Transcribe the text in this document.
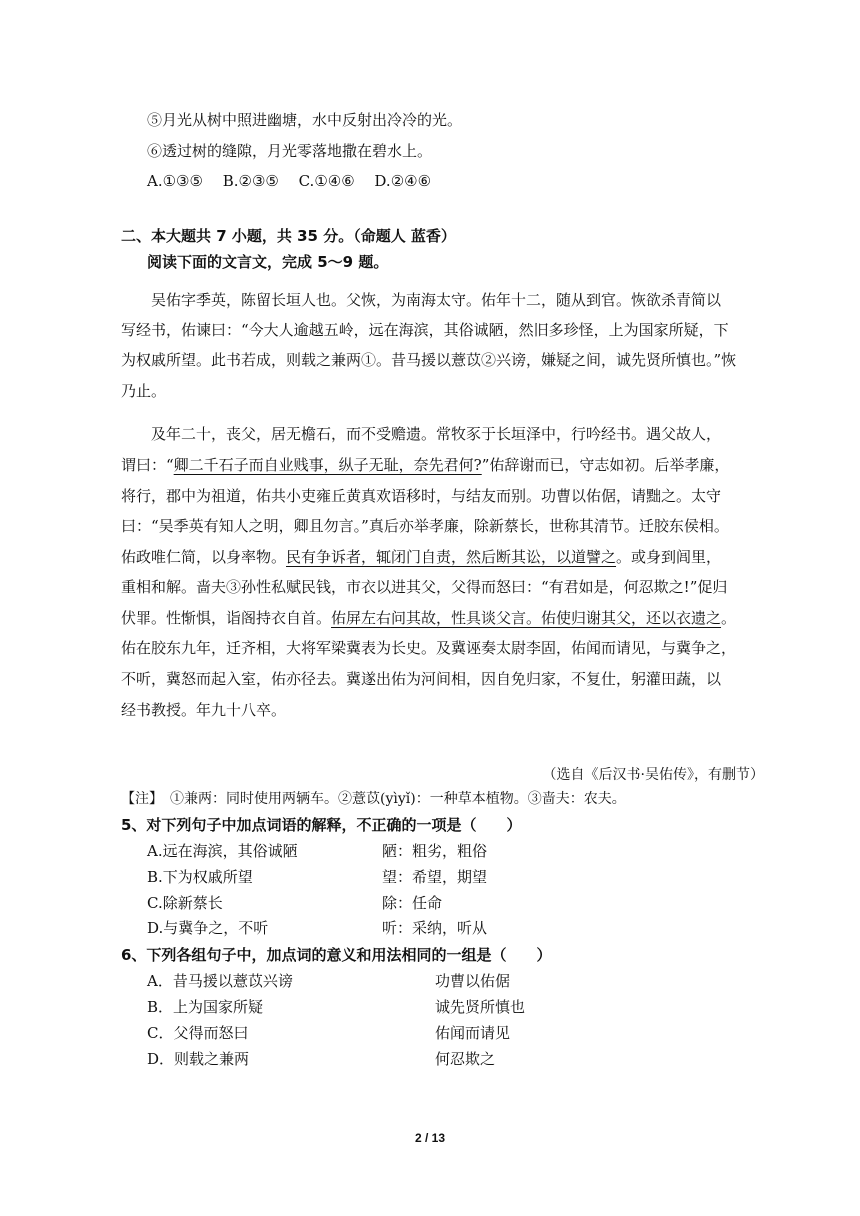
⑤月光从树中照进幽塘，水中反射出冷冷的光。
⑥透过树的缝隙，月光零落地撒在碧水上。
A.①③⑤　 B.②③⑤　 C.①④⑥　 D.②④⑥
二、本大题共 7 小题，共 35 分。（命题人 蓝香）
阅读下面的文言文，完成 5～9 题。
吴佑字季英，陈留长垣人也。父恢，为南海太守。佑年十二，随从到官。恢欲杀青简以
写经书，佑谏曰：“今大人逾越五岭，远在海滨，其俗诚陋，然旧多珍怪，上为国家所疑，下
为权戚所望。此书若成，则载之兼两①。昔马援以薏苡②兴谤，嫌疑之间，诚先贤所慎也。”恢
乃止。
及年二十，丧父，居无檐石，而不受赡遗。常牧豕于长垣泽中，行吟经书。遇父故人，
谓曰：“卿二千石子而自业贱事，纵子无耻，奈先君何?”佑辞谢而已，守志如初。后举孝廉，
将行，郡中为祖道，佑共小吏雍丘黄真欢语移时，与结友而别。功曹以佑倨，请黜之。太守
曰：“吴季英有知人之明，卿且勿言。”真后亦举孝廉，除新蔡长，世称其清节。迁胶东侯相。
佑政唯仁简，以身率物。民有争诉者，辄闭门自责，然后断其讼，以道譬之。或身到闾里，
重相和解。啬夫③孙性私赋民钱，市衣以进其父，父得而怒曰：“有君如是，何忍欺之!”促归
伏罪。性惭惧，诣阁持衣自首。佑屏左右问其故，性具谈父言。佑使归谢其父，还以衣遗之。
佑在胶东九年，迁齐相，大将军梁冀表为长史。及冀诬奏太尉李固，佑闻而请见，与冀争之，
不听，冀怒而起入室，佑亦径去。冀遂出佑为河间相，因自免归家，不复仕，躬灌田蔬，以
经书教授。年九十八卒。
（选自《后汉书·吴佑传》，有删节）
【注】　①兼两：同时使用两辆车。②薏苡(yìyǐ)：一种草本植物。③啬夫：农夫。
5、对下列句子中加点词语的解释，不正确的一项是（　　）
A.远在海滨，其俗诚陋	陋：粗劣，粗俗
B.下为权戚所望	望：希望，期望
C.除新蔡长	除：任命
D.与冀争之，不听	听：采纳，听从
6、下列各组句子中，加点词的意义和用法相同的一组是（　　）
A．昔马援以薏苡兴谤	功曹以佑倨
B．上为国家所疑	诚先贤所慎也
C．父得而怒曰	佑闻而请见
D．则载之兼两	何忍欺之
2 / 13
